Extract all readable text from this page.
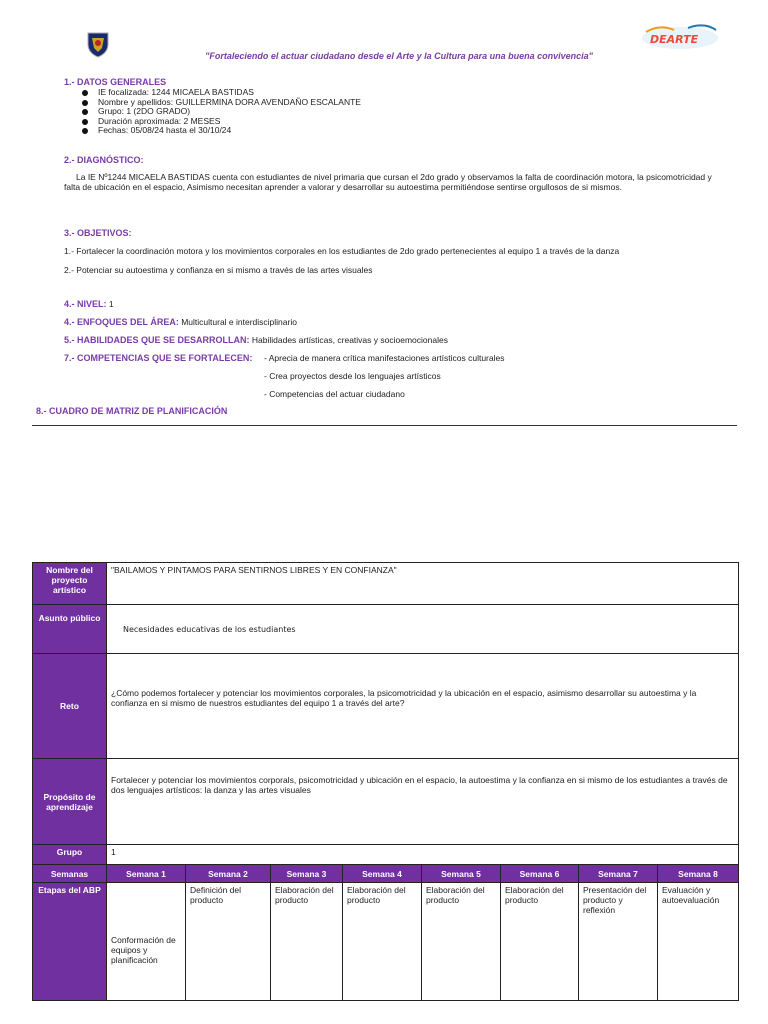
DEARTE
"Fortaleciendo el actuar ciudadano desde el Arte y la Cultura para una buena convivencia"
1.- DATOS GENERALES
IE focalizada: 1244 MICAELA BASTIDAS
Nombre y apellidos: GUILLERMINA DORA AVENDAÑO ESCALANTE
Grupo: 1 (2DO GRADO)
Duración aproximada: 2 MESES
Fechas: 05/08/24 hasta el 30/10/24
2.- DIAGNÓSTICO:
La IE Nº1244 MICAELA BASTIDAS cuenta con estudiantes de nivel primaria que cursan el 2do grado y observamos la falta de coordinación motora, la psicomotricidad y falta de ubicación en el espacio, Asimismo necesitan aprender a valorar y desarrollar su autoestima permitiéndose sentirse orgullosos de si mismos.
3.- OBJETIVOS:
1.- Fortalecer la coordinación motora y los movimientos corporales en los estudiantes de 2do grado pertenecientes al equipo 1 a través de la danza
2.- Potenciar su autoestima y confianza en si mismo a través de las artes visuales
4.- NIVEL: 1
4.- ENFOQUES DEL ÁREA: Multicultural e interdisciplinario
5.- HABILIDADES QUE SE DESARROLLAN: Habilidades artísticas, creativas y socioemocionales
7.- COMPETENCIAS QUE SE FORTALECEN: - Aprecia de manera crítica manifestaciones artísticos culturales
- Crea proyectos desde los lenguajes artísticos
- Competencias del actuar ciudadano
8.- CUADRO DE MATRIZ DE PLANIFICACIÓN
Nombre del proyecto artístico	"BAILAMOS Y PINTAMOS PARA SENTIRNOS LIBRES Y EN CONFIANZA"							
Asunto público	Necesidades educativas de los estudiantes							
Reto	¿Cómo podemos fortalecer y potenciar los movimientos corporales, la psicomotricidad y la ubicación en el espacio, asimismo desarrollar su autoestima y la confianza en si mismo de nuestros estudiantes del equipo 1 a través del arte?							
Propósito de aprendizaje	Fortalecer y potenciar los movimientos corporals, psicomotricidad y ubicación en el espacio, la autoestima y la confianza en si mismo de los estudiantes a través de dos lenguajes artísticos: la danza y las artes visuales							
Grupo	1							
Semanas	Semana 1	Semana 2	Semana 3	Semana 4	Semana 5	Semana 6	Semana 7	Semana 8
Etapas del ABP	Conformación de equipos y planificación	Definición del producto	Elaboración del producto	Elaboración del producto	Elaboración del producto	Elaboración del producto	Presentación del producto y reflexión	Evaluación y autoevaluación
